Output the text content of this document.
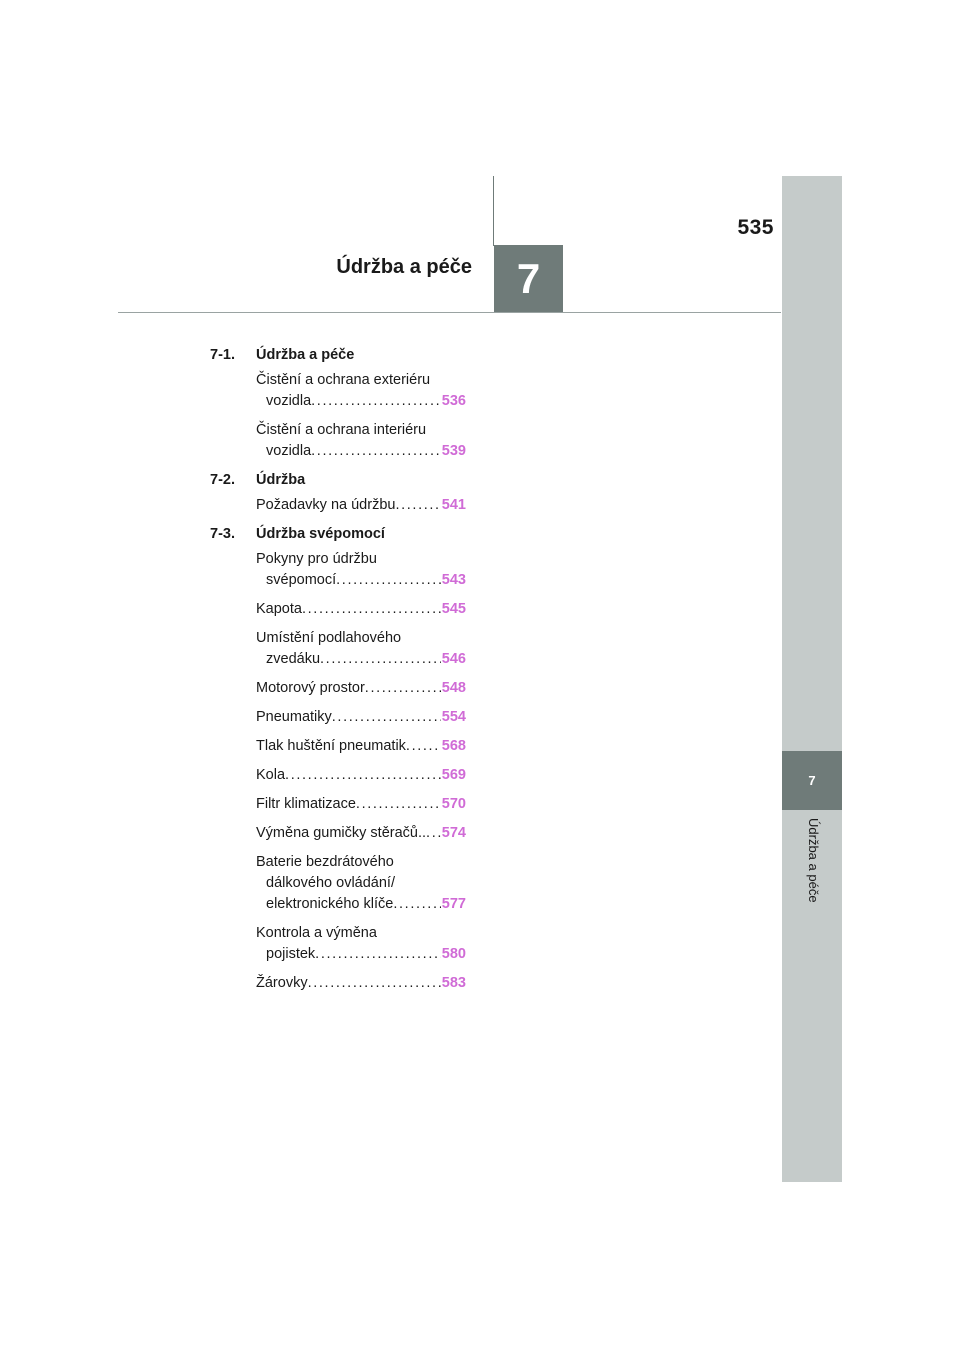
7
Údržba a péče
535
Údržba a péče	7
7-1.	Údržba a péče
Čistění a ochrana exteriéru
vozidla . . .	536
Čistění a ochrana interiéru
vozidla . . .	539
7-2.	Údržba
Požadavky na údržbu . . .	541
7-3.	Údržba svépomocí
Pokyny pro údržbu
svépomocí . . .	543
Kapota . . .	545
Umístění podlahového
zvedáku . . .	546
Motorový prostor . . .	548
Pneumatiky . . .	554
Tlak huštění pneumatik . . . 568
Kola . . .	569
Filtr klimatizace . . .	570
Výměna gumičky stěračů.. . . . 574
Baterie bezdrátového
dálkového ovládání/
elektronického klíče . . .	577
Kontrola a výměna
pojistek . . .	580
Žárovky . . .	583
